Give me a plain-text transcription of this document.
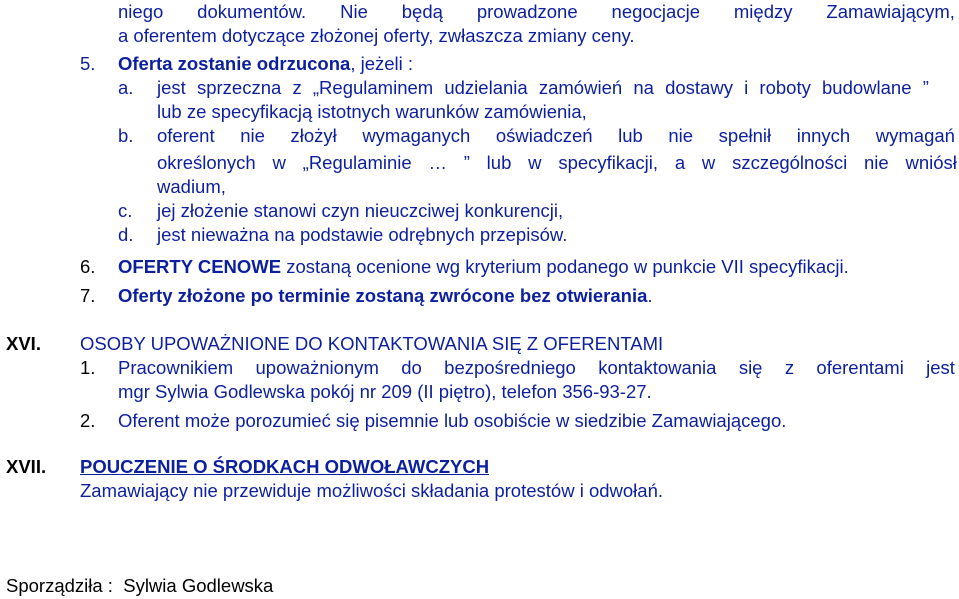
niego dokumentów. Nie będą prowadzone negocjacje między Zamawiającym,
a oferentem dotyczące złożonej oferty, zwłaszcza zmiany ceny.
5. Oferta zostanie odrzucona, jeżeli :
a. jest sprzeczna z „Regulaminem udzielania zamówień na dostawy i roboty budowlane ”
lub ze specyfikacją istotnych warunków zamówienia,
b. oferent nie złożył wymaganych oświadczeń lub nie spełnił innych wymagań
określonych w „Regulaminie … ” lub w specyfikacji, a w szczególności nie wniósł
wadium,
c. jej złożenie stanowi czyn nieuczciwej konkurencji,
d. jest nieważna na podstawie odrębnych przepisów.
6. OFERTY CENOWE zostaną ocenione wg kryterium podanego w punkcie VII specyfikacji.
7. Oferty złożone po terminie zostaną zwrócone bez otwierania.
XVI. OSOBY UPOWAŻNIONE DO KONTAKTOWANIA SIĘ Z OFERENTAMI
1. Pracownikiem upoważnionym do bezpośredniego kontaktowania się z oferentami jest
mgr Sylwia Godlewska pokój nr 209 (II piętro), telefon 356-93-27.
2. Oferent może porozumieć się pisemnie lub osobiście w siedzibie Zamawiającego.
XVII. POUCZENIE O ŚRODKACH ODWOŁAWCZYCH
Zamawiający nie przewiduje możliwości składania protestów i odwołań.
Sporządziła : Sylwia Godlewska
